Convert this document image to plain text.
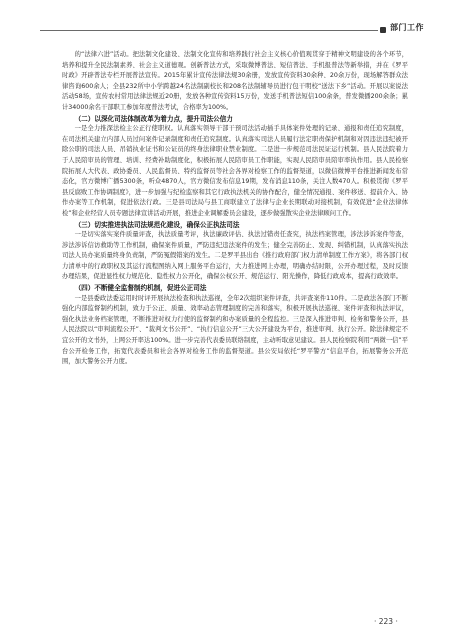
部门工作

的“法律六进”活动。把法制文化建设、法制文化宣传和培养践行社会主义核心价值观贯穿于精神文明建设的各个环节，培养和提升全民法制素养、社会主义道德观。创新普法方式，采取微博普法、短信普法、手机报普法等新举措，并在《罗平时政》开辟普法专栏开展普法宣传。2015年累计宣传法律法规30余册，发放宣传资料30余种、20余万份，现场解答群众法律咨询600余人；全县232所中小学跨越24名法制副校长和208名法制辅导员进行包干明校“送法下乡”活动。开展以案说法活动58场，宣传农村常用法律法规近20册，发放各种宣传资料15万份，发送手机普法短信100余条，普发微播200余条；累计34000余名干部职工参加年度普法考试，合格率为100%。

（二）以深化司法体制改革为着力点，提升司法公信力

一是全力推深法检主公正行使职权。认真落实领导干部干预司法活动插手具体案件处理的记录、通报和责任追究制度，在司法机关建立内部人员过问案件记录制度和责任追究制度。认真落实司法人员履行法定职责保护机制和对因违法违纪被开除公职的司法人员、吊销执业证书和公证员的终身法律职业禁业制度。二是进一步规范司法民证运行机制。县人民法院着力于人民陪审员的管理、培训、经费补助制度化，积极拓展人民陪审员工作职能，实现人民陪审员陪审率执作用。县人民检察院拓展人大代表、政协委员、人民监督员、特约监督员等社会各界对检察工作的监督渠道，以微信微博平台推进新闻发布常态化，官方微博广播5300条，听众4870人，官方微信发布信息19期，发布消息110条，关注人数470人。积极贯彻《罗平县反腐败工作协调制度》，进一步加强与纪检监察和其它行政执法机关的协作配合，健全情况通报、案件移送、提前介入、协作办案等工作机制，促进依法行政。三是县司法局与县工商联建立了法律与企业长期联动对接机制，有效促进“企业法律体检”和企业经营人员专题法律宣讲活动开展，推进企业调解委员会建设，逐步做强散实企业法律顾问工作。

（三）切实推进执法司法规范化建设，确保公正执法司法

一是切实落实案件质量评查，执法质量考评，执法廉政评估、执法过错责任查究，执法档案管理，涉法涉诉案件等查，涉法涉诉信访救助等工作机制，确保案件质量，严防违纪违法案件的发生；健全完善防止、发现、纠错机制，认真落实执法司法人员办案质量终身负责制，严防冤假错案的发生。二是罗平县出台《推行政府部门权力清单制度工作方案》，将各部门权力清单中的行政职权及其运行流程图纳入网上服务平台运行，大力推进网上办理，明确办结时限，公开办理过程，及时反馈办理结果，促进显性权力规范化、隐性权力公开化，确保公权公开、规范运行、阳光操作，降低行政成本，提高行政效率。

（四）不断健全监督制约机制，促进公正司法

一是县委政法委运用时时评开展执法检查和执法巡视，全年2次组织案件评查，共评查案件110件。二是政法各部门不断强化内部监督制约机制，致力于公正、质量、效率动态管理制度的完善和落实，积极开展执法巡视、案件评查和执法评议，强化执法业务档案管理，不断推进对权力行使的监督制约和办案质量的全程监控。三是深入推进审判、检务和警务公开，县人民法院以“审判流程公开”、“裁判文书公开”、“执行信息公开”三大公开建设为平台，推进审判、执行公开。除法律规定不宜公开的文书外，上网公开率达100%。进一步完善代表委员联络制度，主动听取意见建议。县人民检察院利用“两微一信”平台公开检务工作，拓宽代表委员和社会各界对检务工作的监督渠道。县公安局依托“罗平警方”信息平台，拓展警务公开范围，加大警务公开力度。

· 223 ·
